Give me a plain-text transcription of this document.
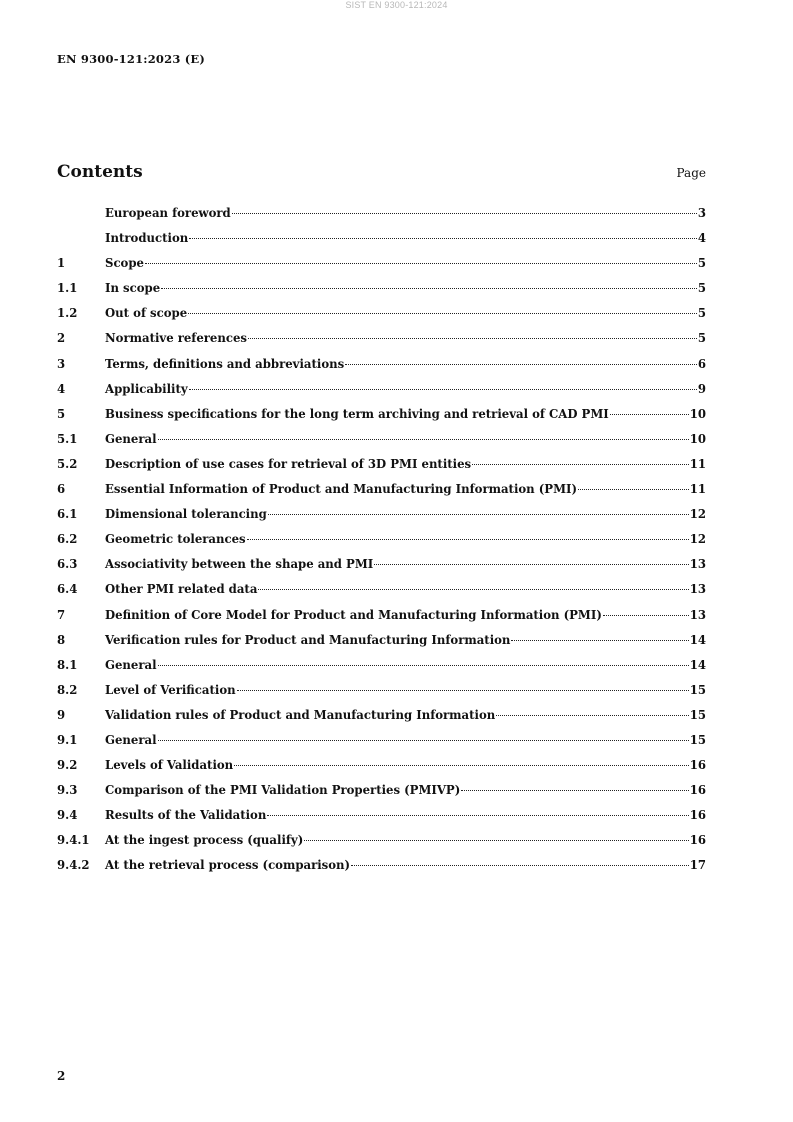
SIST EN 9300-121:2024
EN 9300-121:2023 (E)
Contents	Page
European foreword	3
Introduction	4
1	Scope	5
1.1	In scope	5
1.2	Out of scope	5
2	Normative references	5
3	Terms, definitions and abbreviations	6
4	Applicability	9
5	Business specifications for the long term archiving and retrieval of CAD PMI	10
5.1	General	10
5.2	Description of use cases for retrieval of 3D PMI entities	11
6	Essential Information of Product and Manufacturing Information (PMI)	11
6.1	Dimensional tolerancing	12
6.2	Geometric tolerances	12
6.3	Associativity between the shape and PMI	13
6.4	Other PMI related data	13
7	Definition of Core Model for Product and Manufacturing Information (PMI)	13
8	Verification rules for Product and Manufacturing Information	14
8.1	General	14
8.2	Level of Verification	15
9	Validation rules of Product and Manufacturing Information	15
9.1	General	15
9.2	Levels of Validation	16
9.3	Comparison of the PMI Validation Properties (PMIVP)	16
9.4	Results of the Validation	16
9.4.1	At the ingest process (qualify)	16
9.4.2	At the retrieval process (comparison)	17
2
